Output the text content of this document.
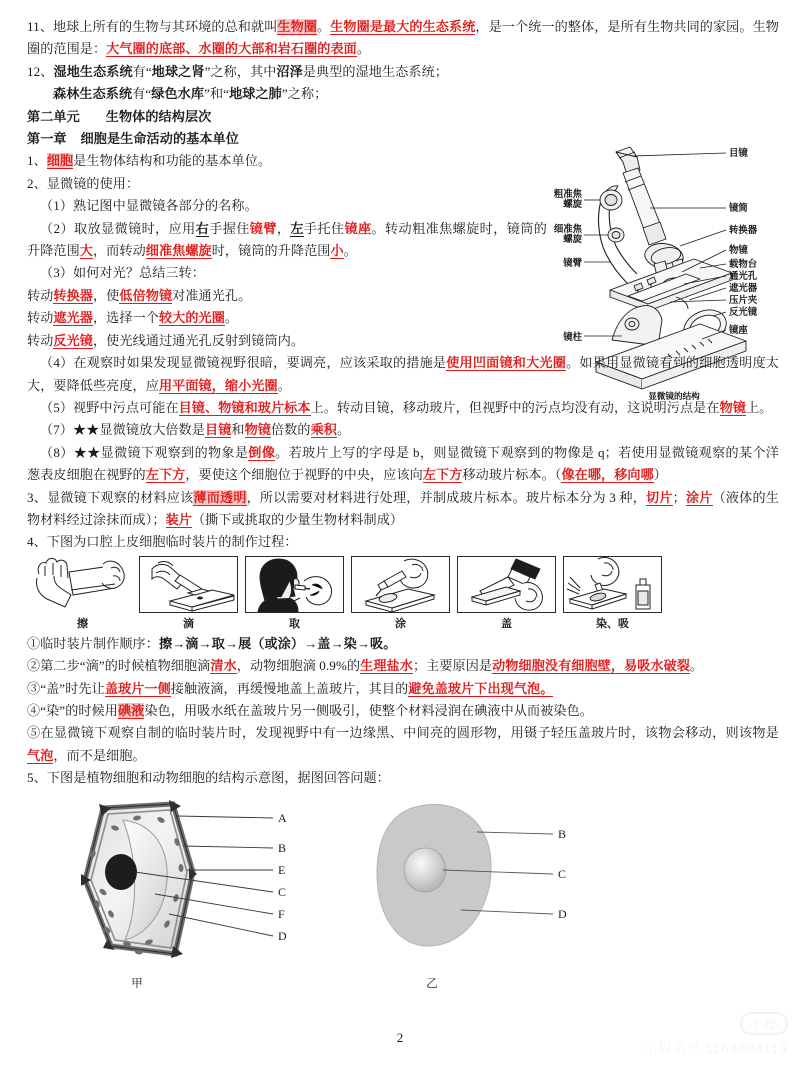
目镜
镜筒
转换器
物镜
载物台
通光孔
遮光器
压片夹
反光镜
镜座
粗准焦
螺旋
细准焦
螺旋
镜臂
镜柱
显微镜的结构

11、地球上所有的生物与其环境的总和就叫生物圈。生物圈是最大的生态系统，是一个统一的整体，是所有生物共同的家园。生物圈的范围是：大气圈的底部、水圈的大部和岩石圈的表面。

12、湿地生态系统有“地球之肾”之称，其中沼泽是典型的湿地生态系统；

森林生态系统有“绿色水库”和“地球之肺”之称；

第二单元 生物体的结构层次

第一章 细胞是生命活动的基本单位

1、细胞是生物体结构和功能的基本单位。

2、显微镜的使用：

（1）熟记图中显微镜各部分的名称。

（2）取放显微镜时，应用右手握住镜臂，左手托住镜座。转动粗准焦螺旋时，镜筒的升降范围大，而转动细准焦螺旋时，镜筒的升降范围小。

（3）如何对光？总结三转：

转动转换器，使低倍物镜对准通光孔。

转动遮光器，选择一个较大的光圈。

转动反光镜，使光线通过通光孔反射到镜筒内。

（4）在观察时如果发现显微镜视野很暗，要调亮，应该采取的措施是使用凹面镜和大光圈。如果用显微镜看到的细胞透明度太大，要降低些亮度，应用平面镜，缩小光圈。

（5）视野中污点可能在目镜、物镜和玻片标本上。转动目镜，移动玻片，但视野中的污点均没有动，这说明污点是在物镜上。

（7）★★显微镜放大倍数是目镜和物镜倍数的乘积。

（8）★★显微镜下观察到的物象是倒像。若玻片上写的字母是 b，则显微镜下观察到的物像是 q；若使用显微镜观察的某个洋葱表皮细胞在视野的左下方，要使这个细胞位于视野的中央，应该向左下方移动玻片标本。（像在哪，移向哪）

3、显微镜下观察的材料应该薄而透明，所以需要对材料进行处理，并制成玻片标本。玻片标本分为 3 种，切片；涂片（液体的生物材料经过涂抹而成）；装片（撕下或挑取的少量生物材料制成）

4、下图为口腔上皮细胞临时装片的制作过程：

擦	滴	取	涂	盖	染、吸

①临时装片制作顺序：擦→滴→取→展（或涂）→盖→染→吸。

②第二步“滴”的时候植物细胞滴清水，动物细胞滴 0.9%的生理盐水；主要原因是动物细胞没有细胞壁，易吸水破裂。

③“盖”时先让盖玻片一侧接触液滴，再缓慢地盖上盖玻片，其目的避免盖玻片下出现气泡。

④“染”的时候用碘液染色，用吸水纸在盖玻片另一侧吸引，使整个材料浸润在碘液中从而被染色。

⑤在显微镜下观察自制的临时装片时，发现视野中有一边缘黑、中间亮的圆形物，用镊子轻压盖玻片时，该物会移动，则该物是气泡，而不是细胞。

5、下图是植物细胞和动物细胞的结构示意图，据图回答问题：

A
B
E
C
F
D
甲
B
C
D
乙
2
小程
小程书号 1163804119
